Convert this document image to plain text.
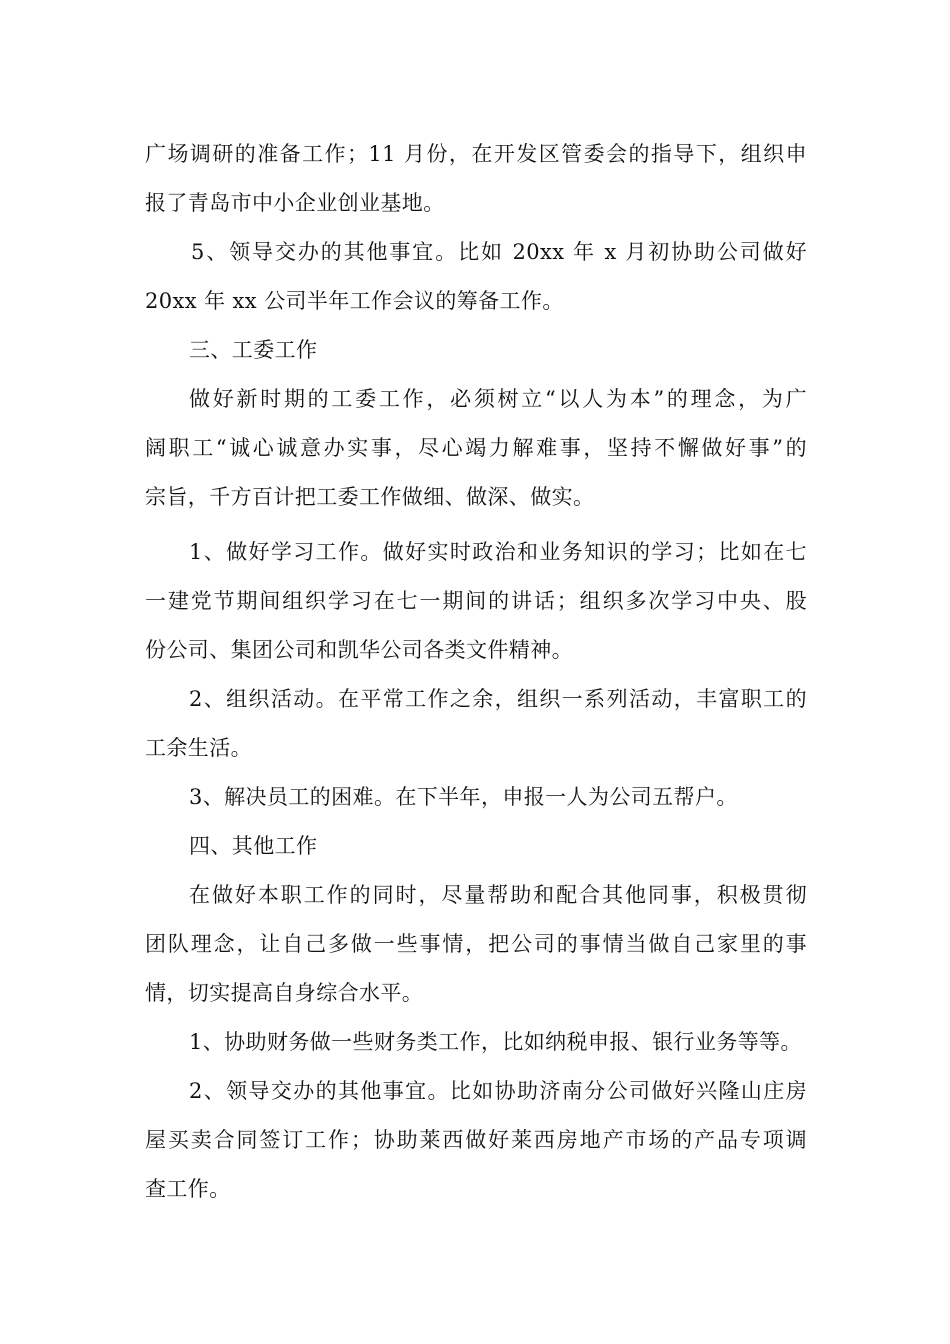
广场调研的准备工作；11 月份，在开发区管委会的指导下，组织申
报了青岛市中小企业创业基地。
5、领导交办的其他事宜。比如 20xx 年 x 月初协助公司做好
20xx 年 xx 公司半年工作会议的筹备工作。
三、工委工作
做好新时期的工委工作，必须树立“以人为本”的理念，为广
阔职工“诚心诚意办实事，尽心竭力解难事，坚持不懈做好事”的
宗旨，千方百计把工委工作做细、做深、做实。
1、做好学习工作。做好实时政治和业务知识的学习；比如在七
一建党节期间组织学习在七一期间的讲话；组织多次学习中央、股
份公司、集团公司和凯华公司各类文件精神。
2、组织活动。在平常工作之余，组织一系列活动，丰富职工的
工余生活。
3、解决员工的困难。在下半年，申报一人为公司五帮户。
四、其他工作
在做好本职工作的同时，尽量帮助和配合其他同事，积极贯彻
团队理念，让自己多做一些事情，把公司的事情当做自己家里的事
情，切实提高自身综合水平。
1、协助财务做一些财务类工作，比如纳税申报、银行业务等等。
2、领导交办的其他事宜。比如协助济南分公司做好兴隆山庄房
屋买卖合同签订工作；协助莱西做好莱西房地产市场的产品专项调
查工作。
